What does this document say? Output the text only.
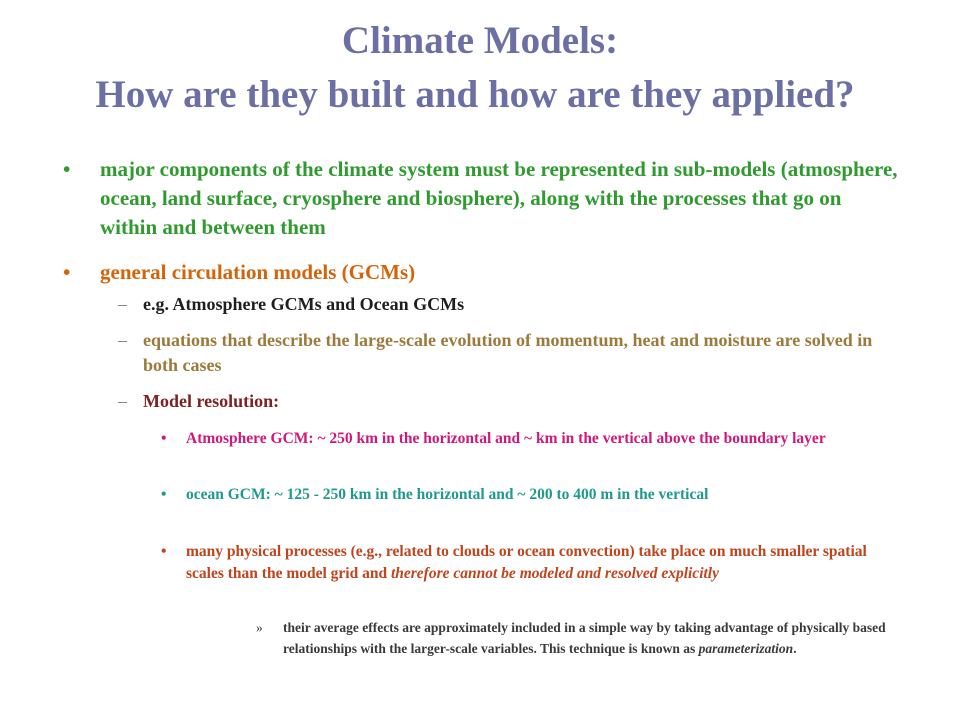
Climate Models:
How are they built and how are they applied?
• major components of the climate system must be represented in sub-models (atmosphere, ocean, land surface, cryosphere and biosphere), along with the processes that go on within and between them
• general circulation models (GCMs)
– e.g. Atmosphere GCMs and Ocean GCMs
– equations that describe the large-scale evolution of momentum, heat and moisture are solved in both cases
– Model resolution:
• Atmosphere GCM: ~ 250 km in the horizontal and ~ km in the vertical above the boundary layer
• ocean GCM: ~ 125 - 250 km in the horizontal and ~ 200 to 400 m in the vertical
• many physical processes (e.g., related to clouds or ocean convection) take place on much smaller spatial scales than the model grid and therefore cannot be modeled and resolved explicitly
» their average effects are approximately included in a simple way by taking advantage of physically based relationships with the larger-scale variables. This technique is known as parameterization.
